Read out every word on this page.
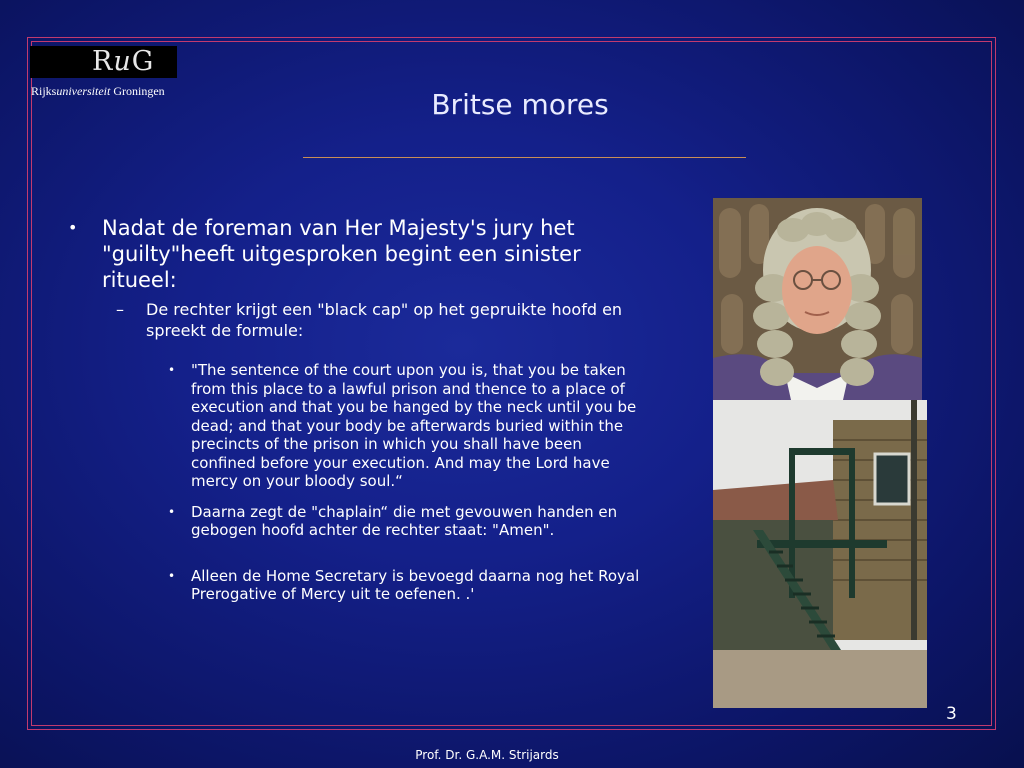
RuG
Rijksuniversiteit Groningen	Britse mores
• Nadat de foreman van Her Majesty's jury het "guilty"heeft uitgesproken begint een sinister ritueel:
– De rechter krijgt een "black cap" op het gepruikte hoofd en spreekt de formule:
• "The sentence of the court upon you is, that you be taken from this place to a lawful prison and thence to a place of execution and that you be hanged by the neck until you be dead; and that your body be afterwards buried within the precincts of the prison in which you shall have been confined before your execution. And may the Lord have mercy on your bloody soul.“
• Daarna zegt de "chaplain“ die met gevouwen handen en gebogen hoofd achter de rechter staat: "Amen".
• Alleen de Home Secretary is bevoegd daarna nog het Royal Prerogative of Mercy uit te oefenen. .'
3
Prof. Dr. G.A.M. Strijards
